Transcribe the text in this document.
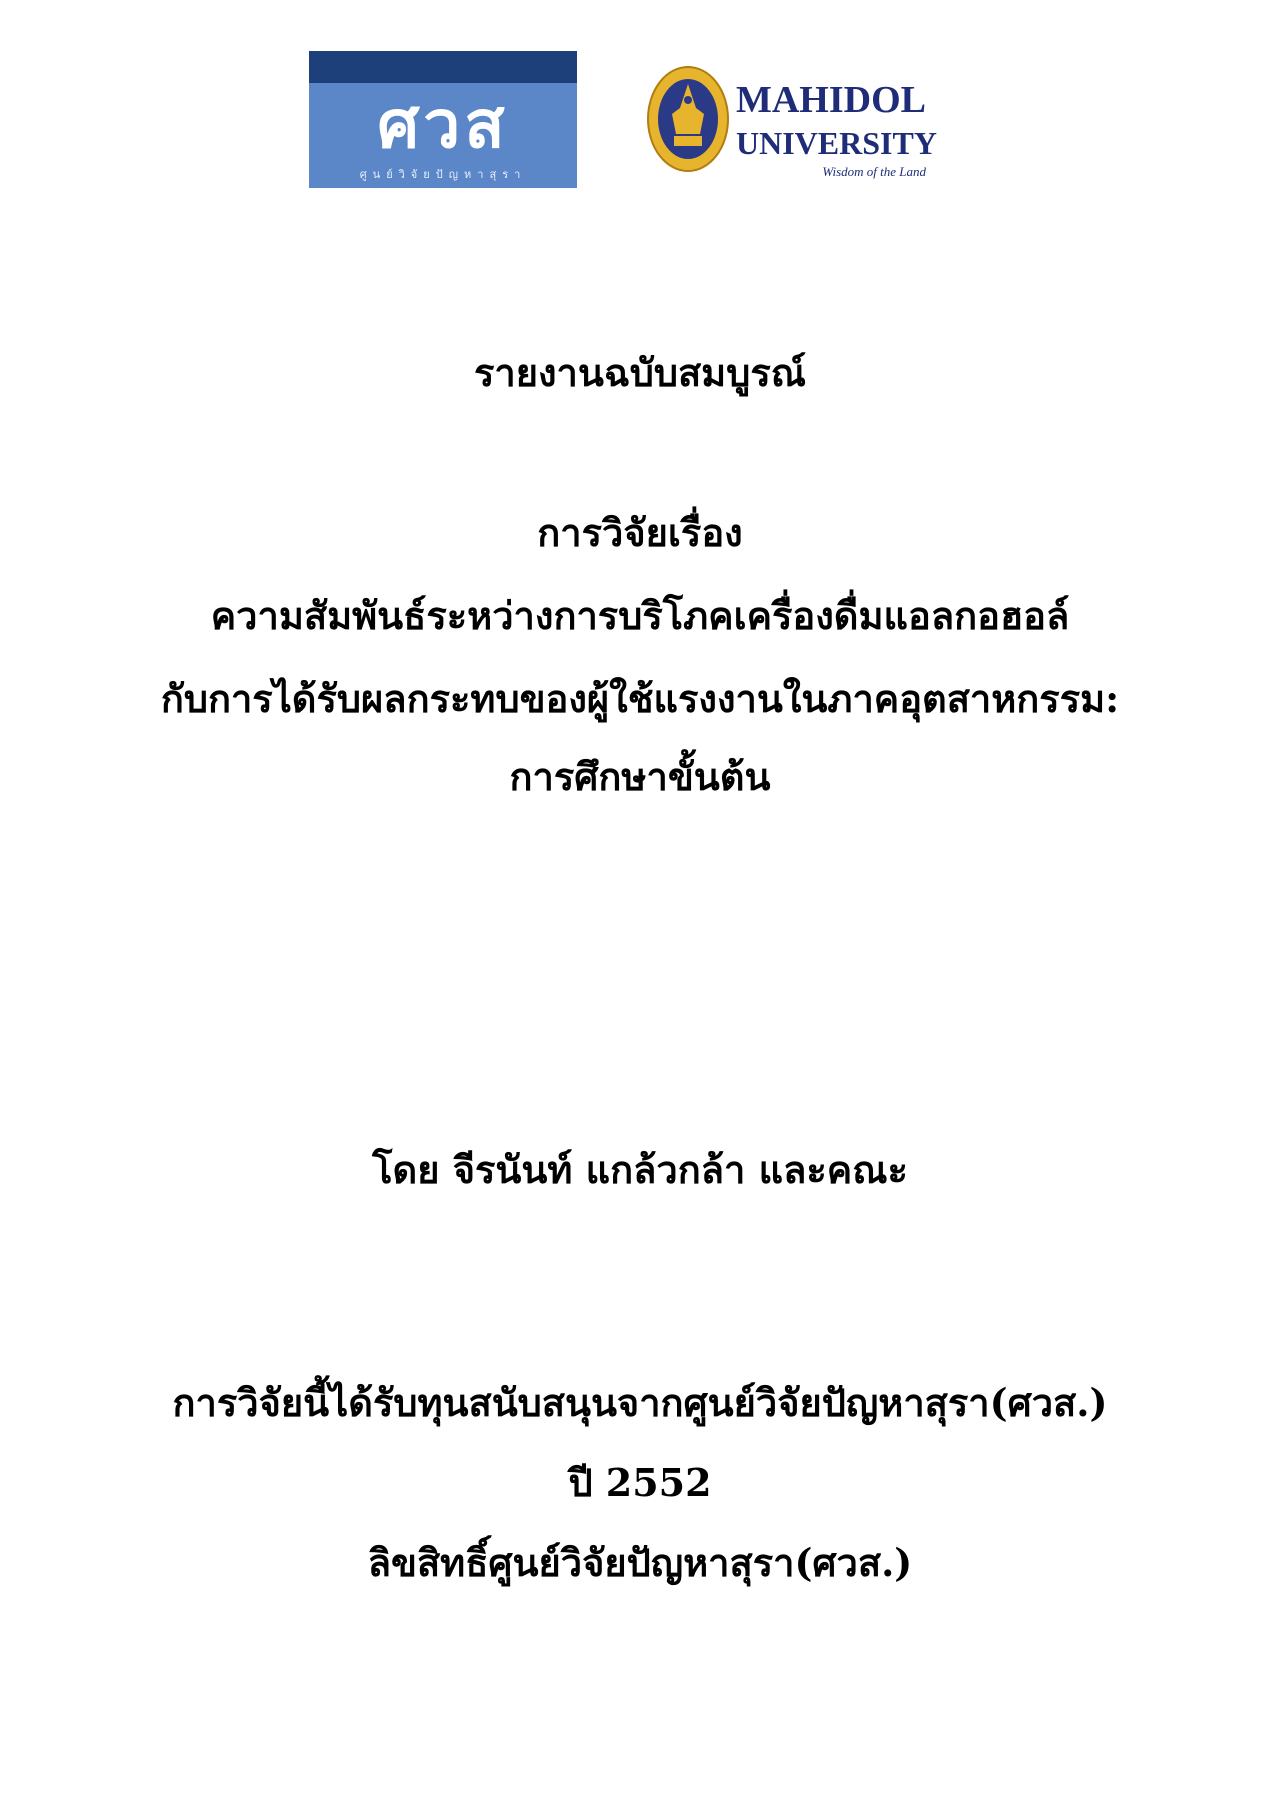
ศวส
ศูนย์วิจัยปัญหาสุรา
MAHIDOL
UNIVERSITY
Wisdom of the Land
รายงานฉบับสมบูรณ์
การวิจัยเรื่อง
ความสัมพันธ์ระหว่างการบริโภคเครื่องดื่มแอลกอฮอล์
กับการได้รับผลกระทบของผู้ใช้แรงงานในภาคอุตสาหกรรม:
การศึกษาขั้นต้น
โดย จีรนันท์ แกล้วกล้า และคณะ
การวิจัยนี้ได้รับทุนสนับสนุนจากศูนย์วิจัยปัญหาสุรา(ศวส.)
ปี 2552
ลิขสิทธิ์ศูนย์วิจัยปัญหาสุรา(ศวส.)
